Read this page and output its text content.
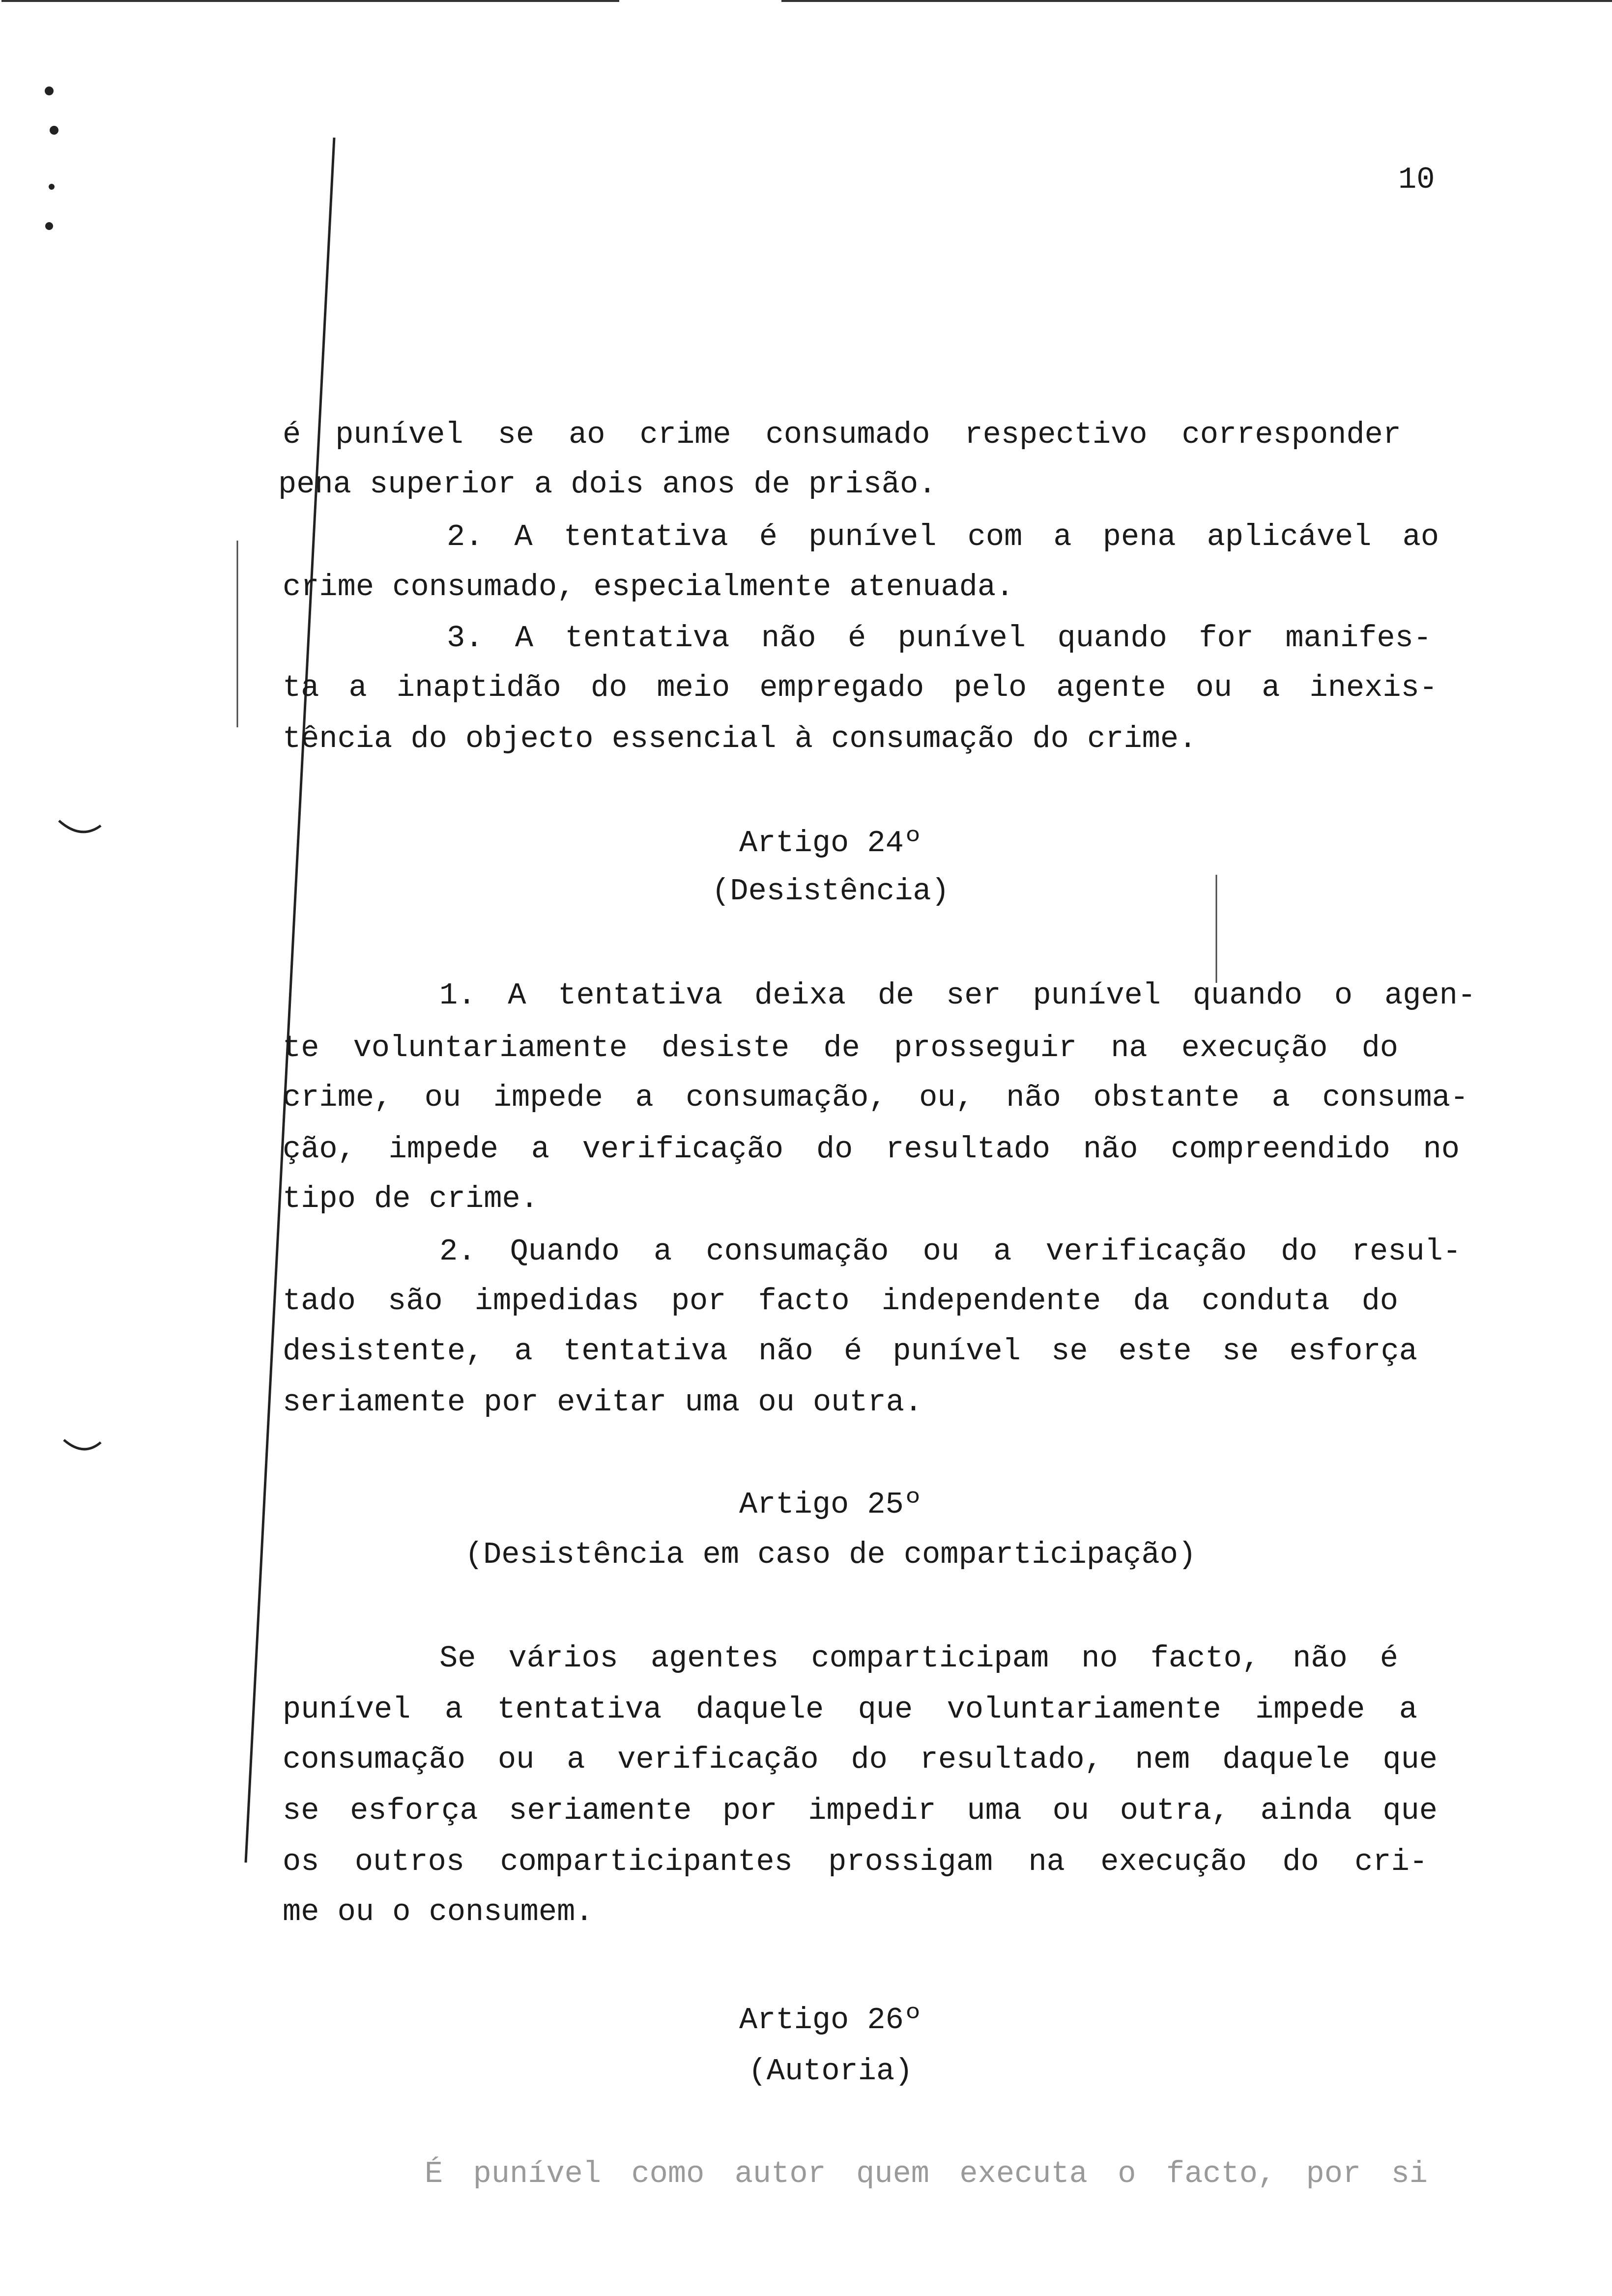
10
é punível se ao crime consumado respectivo corresponder
pena superior a dois anos de prisão.
2. A tentativa é punível com a pena aplicável ao
crime consumado, especialmente atenuada.
3. A tentativa não é punível quando for manifes-
ta a inaptidão do meio empregado pelo agente ou a inexis-
tência do objecto essencial à consumação do crime.
Artigo 24º
(Desistência)
1. A tentativa deixa de ser punível quando o agen-
te voluntariamente desiste de prosseguir na execução do
crime, ou impede a consumação, ou, não obstante a consuma-
ção, impede a verificação do resultado não compreendido no
tipo de crime.
2. Quando a consumação ou a verificação do resul-
tado são impedidas por facto independente da conduta do
desistente, a tentativa não é punível se este se esforça
seriamente por evitar uma ou outra.
Artigo 25º
(Desistência em caso de comparticipação)
Se vários agentes comparticipam no facto, não é
punível a tentativa daquele que voluntariamente impede a
consumação ou a verificação do resultado, nem daquele que
se esforça seriamente por impedir uma ou outra, ainda que
os outros comparticipantes prossigam na execução do cri-
me ou o consumem.
Artigo 26º
(Autoria)
É punível como autor quem executa o facto, por si
